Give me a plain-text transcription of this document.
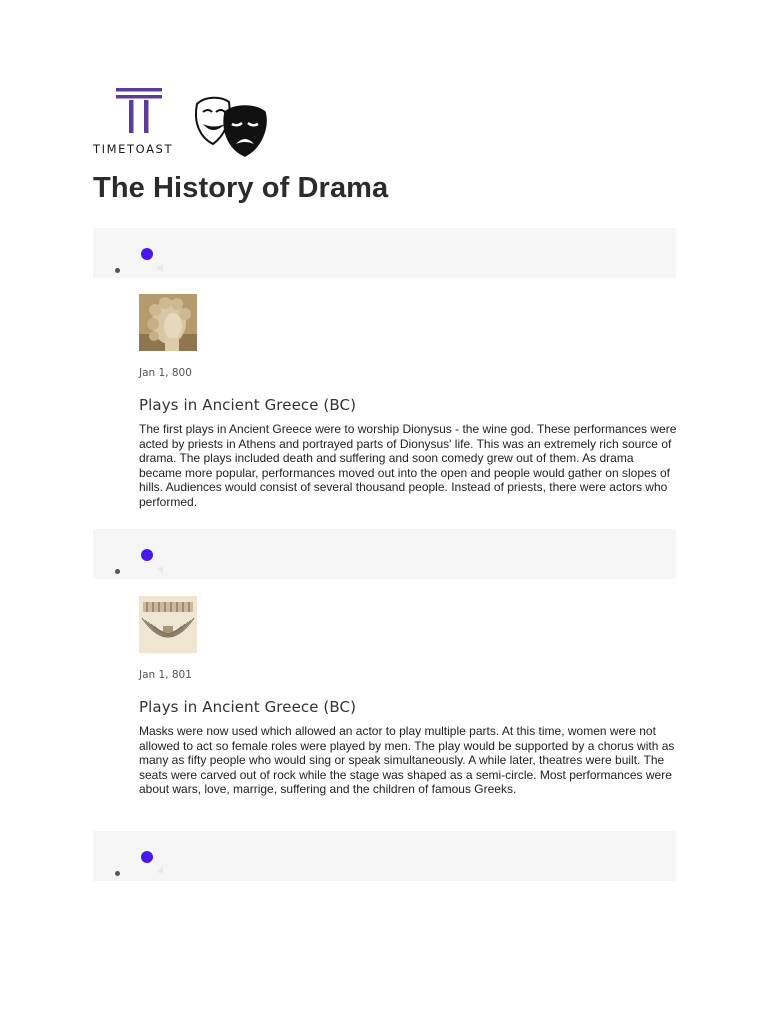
TIMETOAST
The History of Drama
Jan 1, 800
Plays in Ancient Greece (BC)
The first plays in Ancient Greece were to worship Dionysus - the wine god. These performances were acted by priests in Athens and portrayed parts of Dionysus' life. This was an extremely rich source of drama. The plays included death and suffering and soon comedy grew out of them. As drama became more popular, performances moved out into the open and people would gather on slopes of hills. Audiences would consist of several thousand people. Instead of priests, there were actors who performed.
Jan 1, 801
Plays in Ancient Greece (BC)
Masks were now used which allowed an actor to play multiple parts. At this time, women were not allowed to act so female roles were played by men. The play would be supported by a chorus with as many as fifty people who would sing or speak simultaneously. A while later, theatres were built. The seats were carved out of rock while the stage was shaped as a semi-circle. Most performances were about wars, love, marrige, suffering and the children of famous Greeks.
